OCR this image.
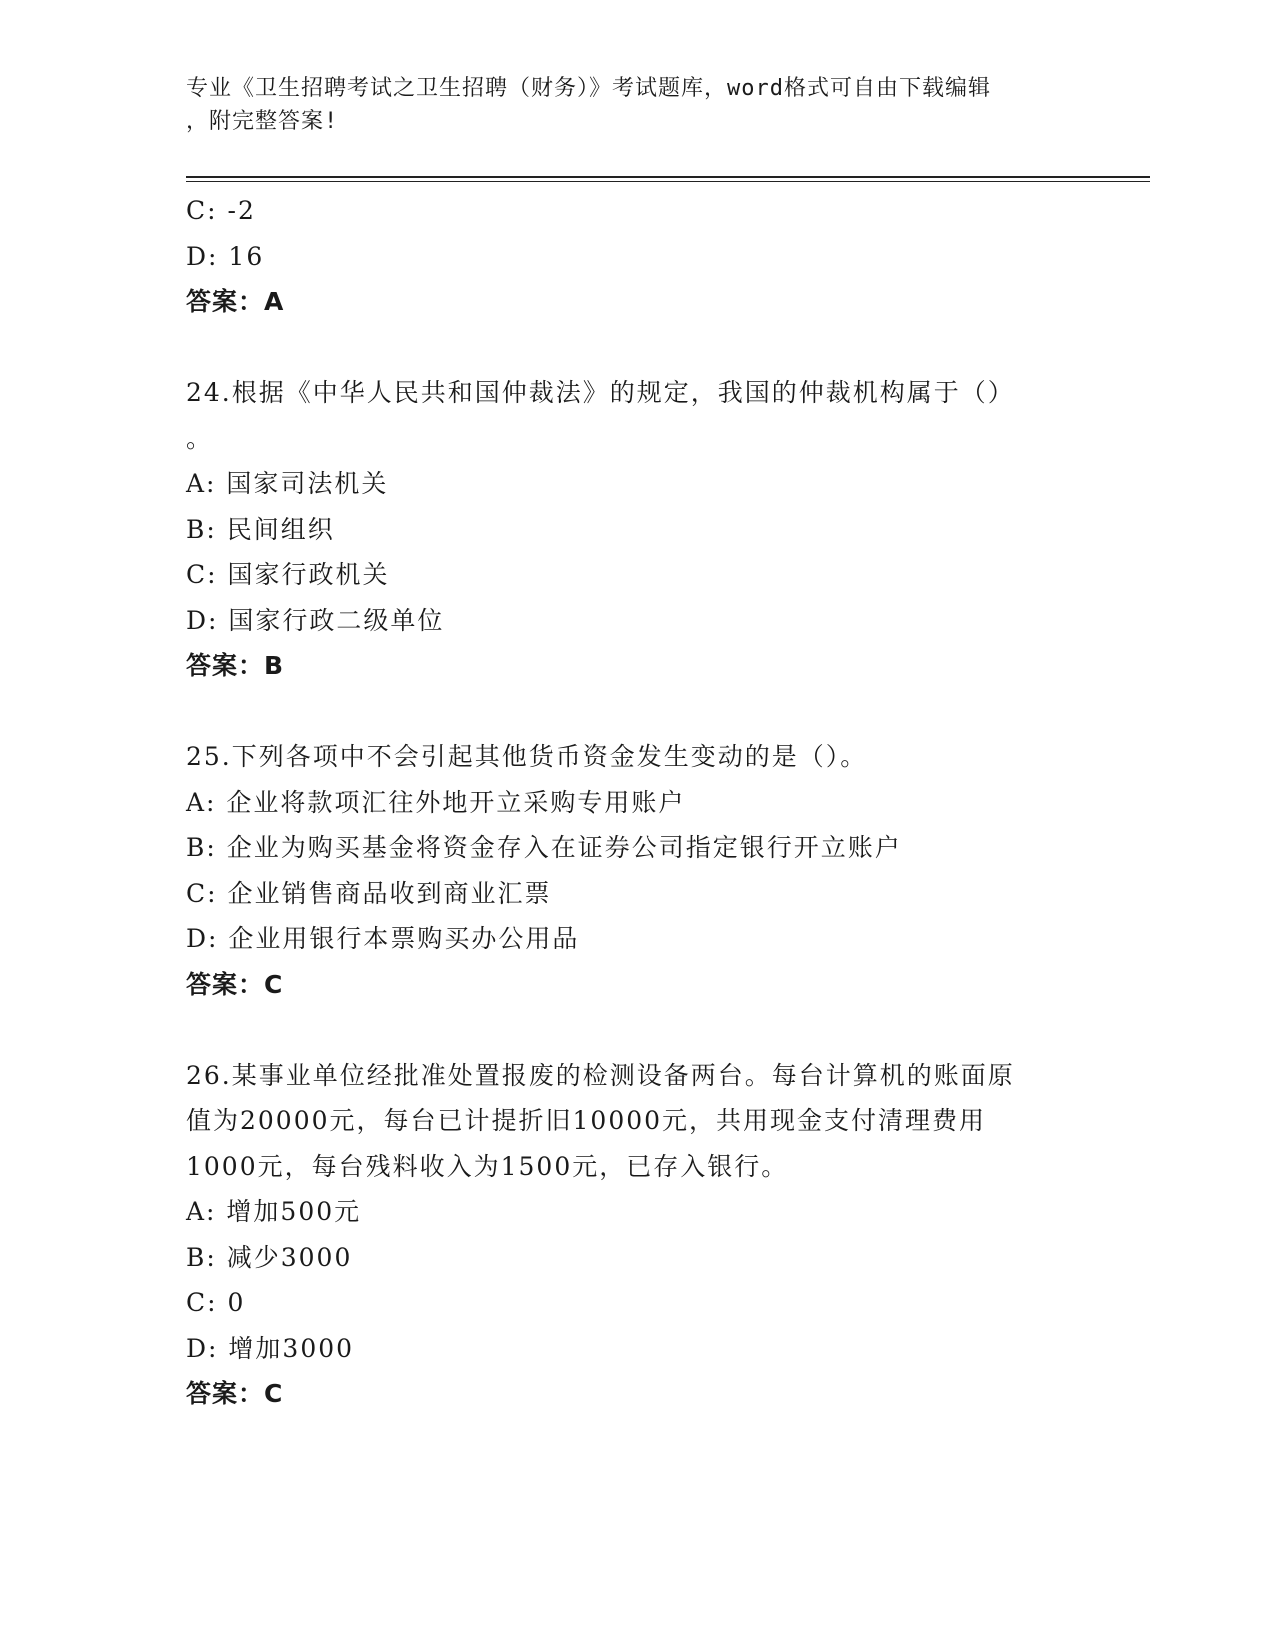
专业《卫生招聘考试之卫生招聘（财务）》考试题库，word格式可自由下载编辑
，附完整答案!
C: -2
D: 16
答案：A
24.根据《中华人民共和国仲裁法》的规定，我国的仲裁机构属于（）
。
A: 国家司法机关
B: 民间组织
C: 国家行政机关
D: 国家行政二级单位
答案：B
25.下列各项中不会引起其他货币资金发生变动的是（）。
A: 企业将款项汇往外地开立采购专用账户
B: 企业为购买基金将资金存入在证券公司指定银行开立账户
C: 企业销售商品收到商业汇票
D: 企业用银行本票购买办公用品
答案：C
26.某事业单位经批准处置报废的检测设备两台。每台计算机的账面原
值为20000元，每台已计提折旧10000元，共用现金支付清理费用
1000元，每台残料收入为1500元，已存入银行。
A: 增加500元
B: 减少3000
C: 0
D: 增加3000
答案：C
